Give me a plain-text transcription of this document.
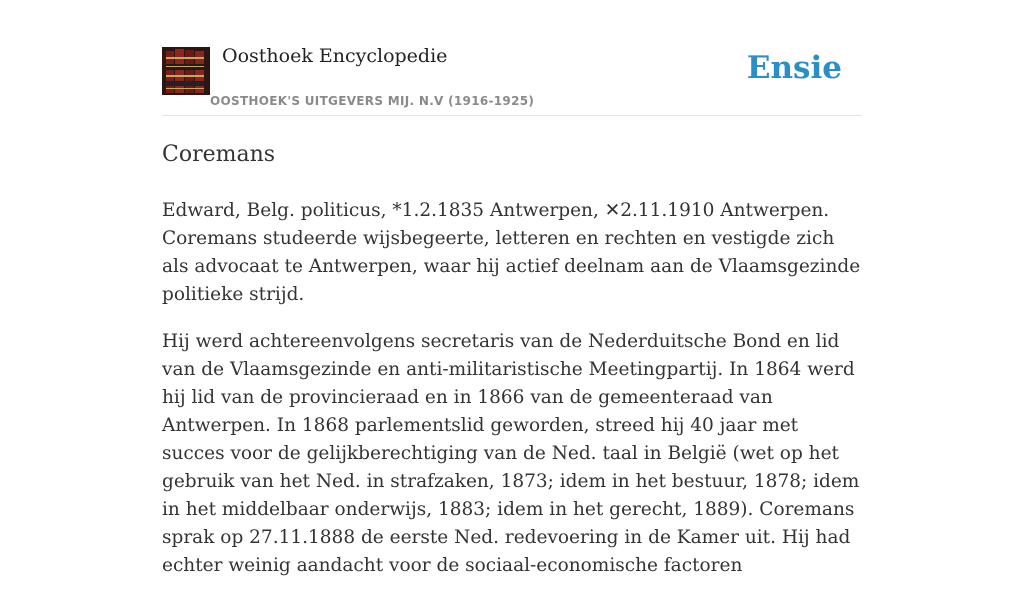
Oosthoek Encyclopedie
OOSTHOEK'S UITGEVERS MIJ. N.V (1916-1925)
Ensie
Coremans

Edward, Belg. politicus, *1.2.1835 Antwerpen, ✕2.11.1910 Antwerpen. Coremans studeerde wijsbegeerte, letteren en rechten en vestigde zich als advocaat te Antwerpen, waar hij actief deelnam aan de Vlaamsgezinde politieke strijd.

Hij werd achtereenvolgens secretaris van de Nederduitsche Bond en lid van de Vlaamsgezinde en anti-militaristische Meetingpartij. In 1864 werd hij lid van de provincieraad en in 1866 van de gemeenteraad van Antwerpen. In 1868 parlementslid geworden, streed hij 40 jaar met succes voor de gelijkberechtiging van de Ned. taal in België (wet op het gebruik van het Ned. in strafzaken, 1873; idem in het bestuur, 1878; idem in het middelbaar onderwijs, 1883; idem in het gerecht, 1889). Coremans sprak op 27.11.1888 de eerste Ned. redevoering in de Kamer uit. Hij had echter weinig aandacht voor de sociaal-economische factoren
